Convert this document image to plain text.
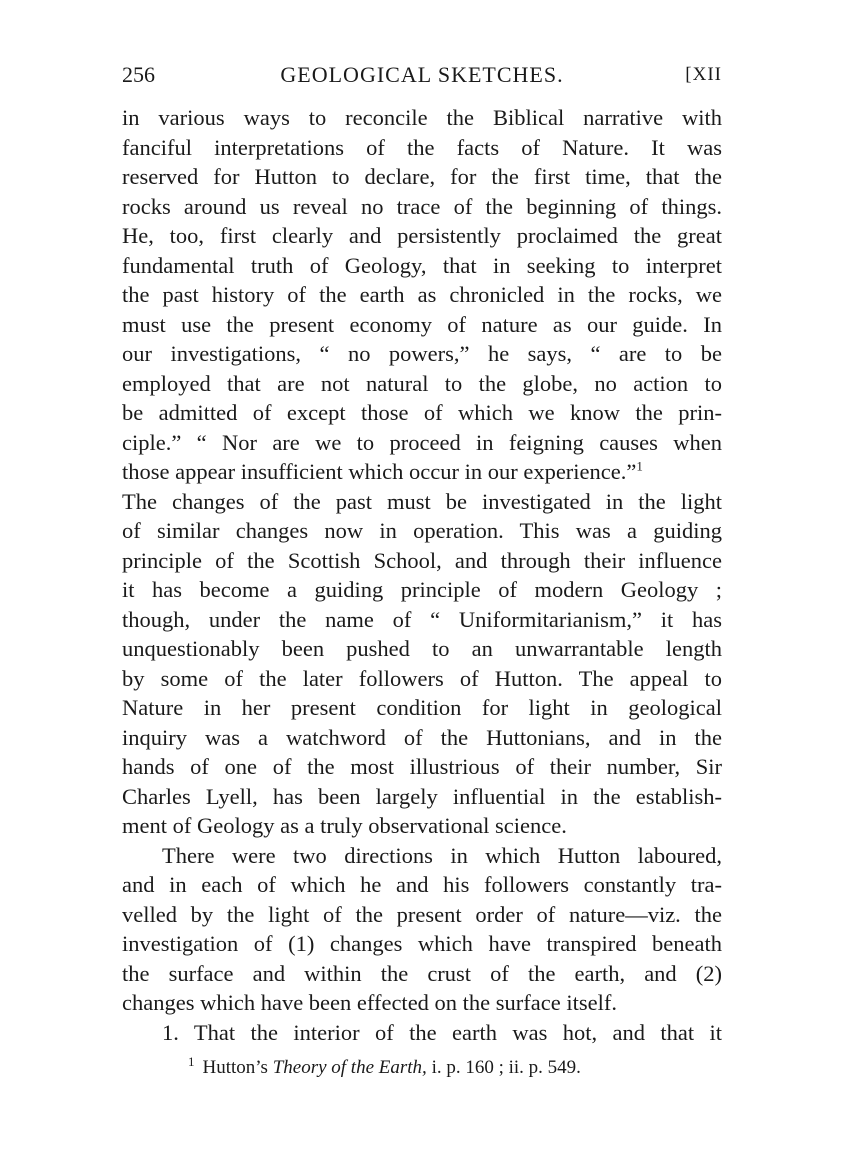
256	GEOLOGICAL SKETCHES.	[XII
in various ways to reconcile the Biblical narrative with
fanciful interpretations of the facts of Nature. It was
reserved for Hutton to declare, for the first time, that the
rocks around us reveal no trace of the beginning of things.
He, too, first clearly and persistently proclaimed the great
fundamental truth of Geology, that in seeking to interpret
the past history of the earth as chronicled in the rocks, we
must use the present economy of nature as our guide. In
our investigations, “ no powers,” he says, “ are to be
employed that are not natural to the globe, no action to
be admitted of except those of which we know the prin-
ciple.” “ Nor are we to proceed in feigning causes when
those appear insufficient which occur in our experience.”$^1$
The changes of the past must be investigated in the light
of similar changes now in operation. This was a guiding
principle of the Scottish School, and through their influence
it has become a guiding principle of modern Geology ;
though, under the name of “ Uniformitarianism,” it has
unquestionably been pushed to an unwarrantable length
by some of the later followers of Hutton. The appeal to
Nature in her present condition for light in geological
inquiry was a watchword of the Huttonians, and in the
hands of one of the most illustrious of their number, Sir
Charles Lyell, has been largely influential in the establish-
ment of Geology as a truly observational science.
There were two directions in which Hutton laboured,
and in each of which he and his followers constantly tra-
velled by the light of the present order of nature—viz. the
investigation of (1) changes which have transpired beneath
the surface and within the crust of the earth, and (2)
changes which have been effected on the surface itself.
1. That the interior of the earth was hot, and that it
$^1$ Hutton’s Theory of the Earth, i. p. 160 ; ii. p. 549.
